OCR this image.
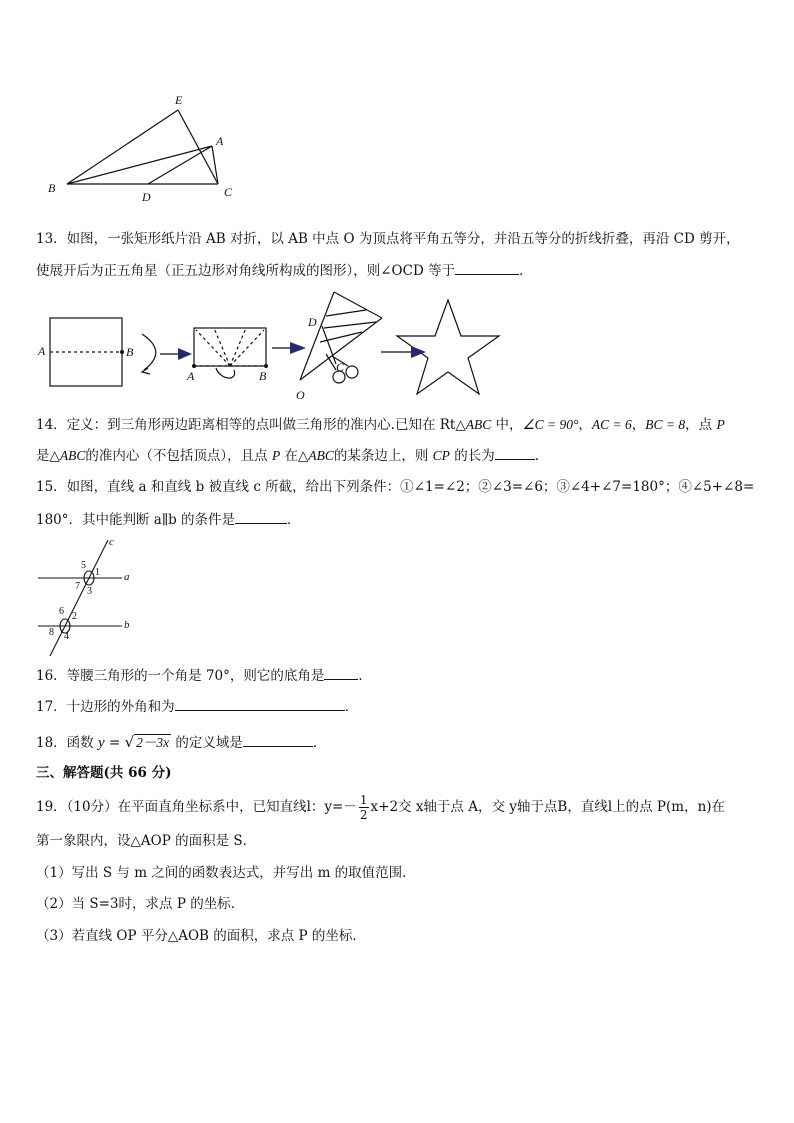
E
A
B
D	C
13．如图，一张矩形纸片沿 AB 对折，以 AB 中点 O 为顶点将平角五等分，并沿五等分的折线折叠，再沿 CD 剪开，
使展开后为正五角星（正五边形对角线所构成的图形），则∠OCD 等于	．
A	B
A	B
D
C
O
14．定义：到三角形两边距离相等的点叫做三角形的准内心.已知在 Rt△ABC 中，∠C = 90°，AC = 6，BC = 8，点 P
是△ABC的准内心（不包括顶点），且点 P 在△ABC的某条边上，则 CP 的长为	.
15．如图，直线 a 和直线 b 被直线 c 所截，给出下列条件：①∠1=∠2；②∠3=∠6；③∠4+∠7=180°；④∠5+∠8=
180°．其中能判断 a∥b 的条件是	．
c
a
b
5
1
7 3
6 2
8 4
16．等腰三角形的一个角是 70°，则它的底角是	．
17．十边形的外角和为	．
18．函数 y = √ 2－3x 的定义域是	．
三、解答题(共 66 分)
19．（10分）在平面直角坐标系中，已知直线l：$y=- \frac{1}{2} x+2$交 x轴于点 A，交 y轴于点B，直线l上的点 P(m，n)在
第一象限内，设△AOP 的面积是 S．
（1）写出 S 与 m 之间的函数表达式，并写出 m 的取值范围．
（2）当 S=3时，求点 P 的坐标．
（3）若直线 OP 平分△AOB 的面积，求点 P 的坐标．
